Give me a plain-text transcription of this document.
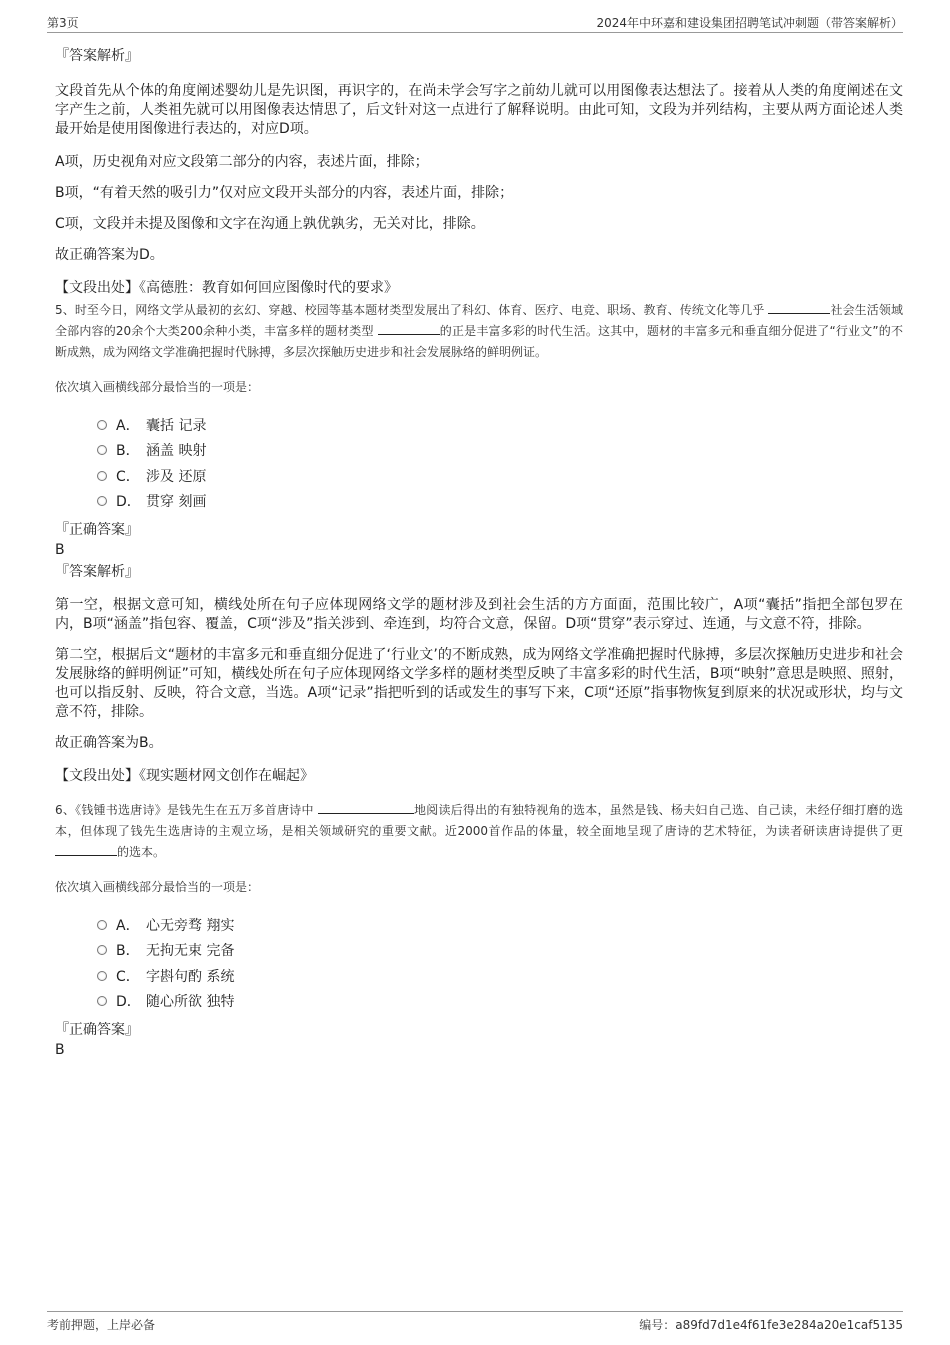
第3页	2024年中环嘉和建设集团招聘笔试冲刺题（带答案解析）

『答案解析』

文段首先从个体的角度阐述婴幼儿是先识图，再识字的，在尚未学会写字之前幼儿就可以用图像表达想法了。接着从人类的角度阐述在文字产生之前，人类祖先就可以用图像表达情思了，后文针对这一点进行了解释说明。由此可知，文段为并列结构，主要从两方面论述人类最开始是使用图像进行表达的，对应D项。

A项，历史视角对应文段第二部分的内容，表述片面，排除；

B项，“有着天然的吸引力”仅对应文段开头部分的内容，表述片面，排除；

C项，文段并未提及图像和文字在沟通上孰优孰劣，无关对比，排除。

故正确答案为D。

【文段出处】《高德胜：教育如何回应图像时代的要求》

5、时至今日，网络文学从最初的玄幻、穿越、校园等基本题材类型发展出了科幻、体育、医疗、电竞、职场、教育、传统文化等几乎	社会生活领域全部内容的20余个大类200余种小类，丰富多样的题材类型	的正是丰富多彩的时代生活。这其中，题材的丰富多元和垂直细分促进了“行业文”的不断成熟，成为网络文学准确把握时代脉搏，多层次探触历史进步和社会发展脉络的鲜明例证。

依次填入画横线部分最恰当的一项是：

A． 囊括 记录
B． 涵盖 映射
C． 涉及 还原
D． 贯穿 刻画

『正确答案』

B

『答案解析』

第一空，根据文意可知，横线处所在句子应体现网络文学的题材涉及到社会生活的方方面面，范围比较广，A项“囊括”指把全部包罗在内，B项“涵盖”指包容、覆盖，C项“涉及”指关涉到、牵连到，均符合文意，保留。D项“贯穿”表示穿过、连通，与文意不符，排除。

第二空，根据后文“题材的丰富多元和垂直细分促进了‘行业文’的不断成熟，成为网络文学准确把握时代脉搏，多层次探触历史进步和社会发展脉络的鲜明例证”可知，横线处所在句子应体现网络文学多样的题材类型反映了丰富多彩的时代生活，B项“映射”意思是映照、照射，也可以指反射、反映，符合文意，当选。A项“记录”指把听到的话或发生的事写下来，C项“还原”指事物恢复到原来的状况或形状，均与文意不符，排除。

故正确答案为B。

【文段出处】《现实题材网文创作在崛起》

6、《钱锺书选唐诗》是钱先生在五万多首唐诗中	地阅读后得出的有独特视角的选本，虽然是钱、杨夫妇自己选、自己读，未经仔细打磨的选本，但体现了钱先生选唐诗的主观立场，是相关领域研究的重要文献。近2000首作品的体量，较全面地呈现了唐诗的艺术特征，为读者研读唐诗提供了更 的选本。

依次填入画横线部分最恰当的一项是：

A． 心无旁骛 翔实
B． 无拘无束 完备
C． 字斟句酌 系统
D． 随心所欲 独特

『正确答案』

B

考前押题，上岸必备	编号：a89fd7d1e4f61fe3e284a20e1caf5135
